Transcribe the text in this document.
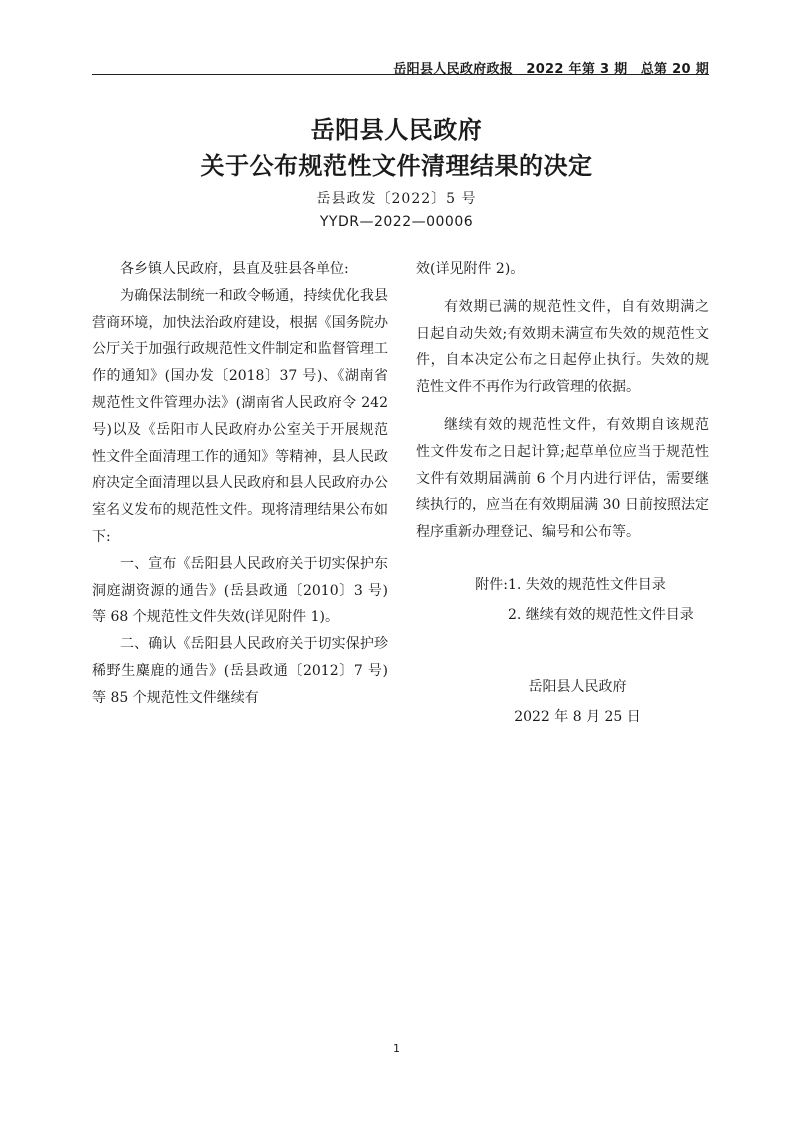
岳阳县人民政府政报　2022 年第 3 期　总第 20 期
岳阳县人民政府
关于公布规范性文件清理结果的决定
岳县政发〔2022〕5 号
YYDR—2022—00006

各乡镇人民政府，县直及驻县各单位:

为确保法制统一和政令畅通，持续优化我县营商环境，加快法治政府建设，根据《国务院办公厅关于加强行政规范性文件制定和监督管理工作的通知》(国办发〔2018〕37 号)、《湖南省规范性文件管理办法》(湖南省人民政府令 242 号)以及《岳阳市人民政府办公室关于开展规范性文件全面清理工作的通知》等精神，县人民政府决定全面清理以县人民政府和县人民政府办公室名义发布的规范性文件。现将清理结果公布如下:

一、宣布《岳阳县人民政府关于切实保护东洞庭湖资源的通告》(岳县政通〔2010〕3 号)等 68 个规范性文件失效(详见附件 1)。

二、确认《岳阳县人民政府关于切实保护珍稀野生麋鹿的通告》(岳县政通〔2012〕7 号)等 85 个规范性文件继续有

效(详见附件 2)。

有效期已满的规范性文件，自有效期满之日起自动失效;有效期未满宣布失效的规范性文件，自本决定公布之日起停止执行。失效的规范性文件不再作为行政管理的依据。

继续有效的规范性文件，有效期自该规范性文件发布之日起计算;起草单位应当于规范性文件有效期届满前 6 个月内进行评估，需要继续执行的，应当在有效期届满 30 日前按照法定程序重新办理登记、编号和公布等。

附件:1. 失效的规范性文件目录
2. 继续有效的规范性文件目录
岳阳县人民政府
2022 年 8 月 25 日
1
